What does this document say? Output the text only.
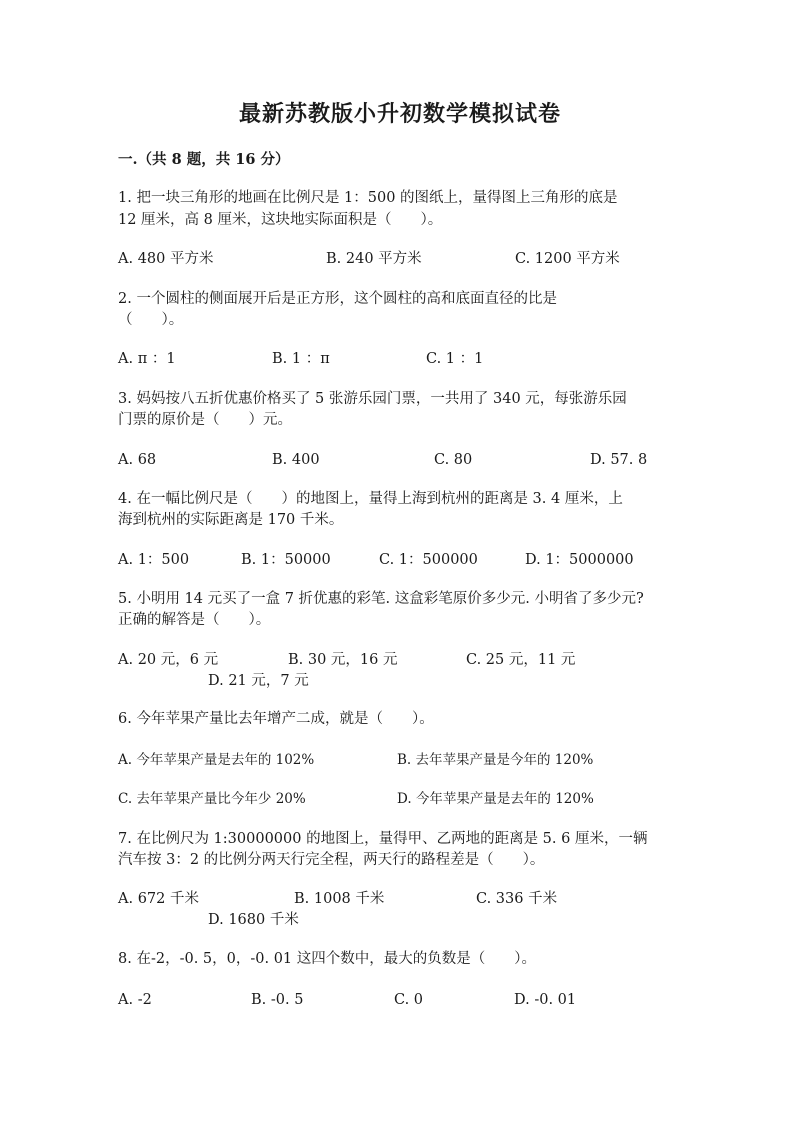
最新苏教版小升初数学模拟试卷
一.（共 8 题，共 16 分）
1. 把一块三角形的地画在比例尺是 1：500 的图纸上，量得图上三角形的底是
12 厘米，高 8 厘米，这块地实际面积是（　　）。
A. 480 平方米	B. 240 平方米	C. 1200 平方米
2. 一个圆柱的侧面展开后是正方形，这个圆柱的高和底面直径的比是
（　　）。
A. π ：1	B. 1 ：π	C. 1 ：1
3. 妈妈按八五折优惠价格买了 5 张游乐园门票，一共用了 340 元，每张游乐园
门票的原价是（　　）元。
A. 68	B. 400	C. 80	D. 57. 8
4. 在一幅比例尺是（　　）的地图上，量得上海到杭州的距离是 3. 4 厘米，上
海到杭州的实际距离是 170 千米。
A. 1：500	B. 1：50000	C. 1：500000	D. 1：5000000
5. 小明用 14 元买了一盒 7 折优惠的彩笔. 这盒彩笔原价多少元. 小明省了多少元?
正确的解答是（　　）。
A. 20 元，6 元	B. 30 元，16 元	C. 25 元，11 元
D. 21 元，7 元
6. 今年苹果产量比去年增产二成，就是（　　）。
A. 今年苹果产量是去年的 102%	B. 去年苹果产量是今年的 120%
C. 去年苹果产量比今年少 20%	D. 今年苹果产量是去年的 120%
7. 在比例尺为 1:30000000 的地图上，量得甲、乙两地的距离是 5. 6 厘米，一辆
汽车按 3：2 的比例分两天行完全程，两天行的路程差是（　　）。
A. 672 千米	B. 1008 千米	C. 336 千米
D. 1680 千米
8. 在-2，-0. 5，0，-0. 01 这四个数中，最大的负数是（　　）。
A. -2	B. -0. 5	C. 0	D. -0. 01
